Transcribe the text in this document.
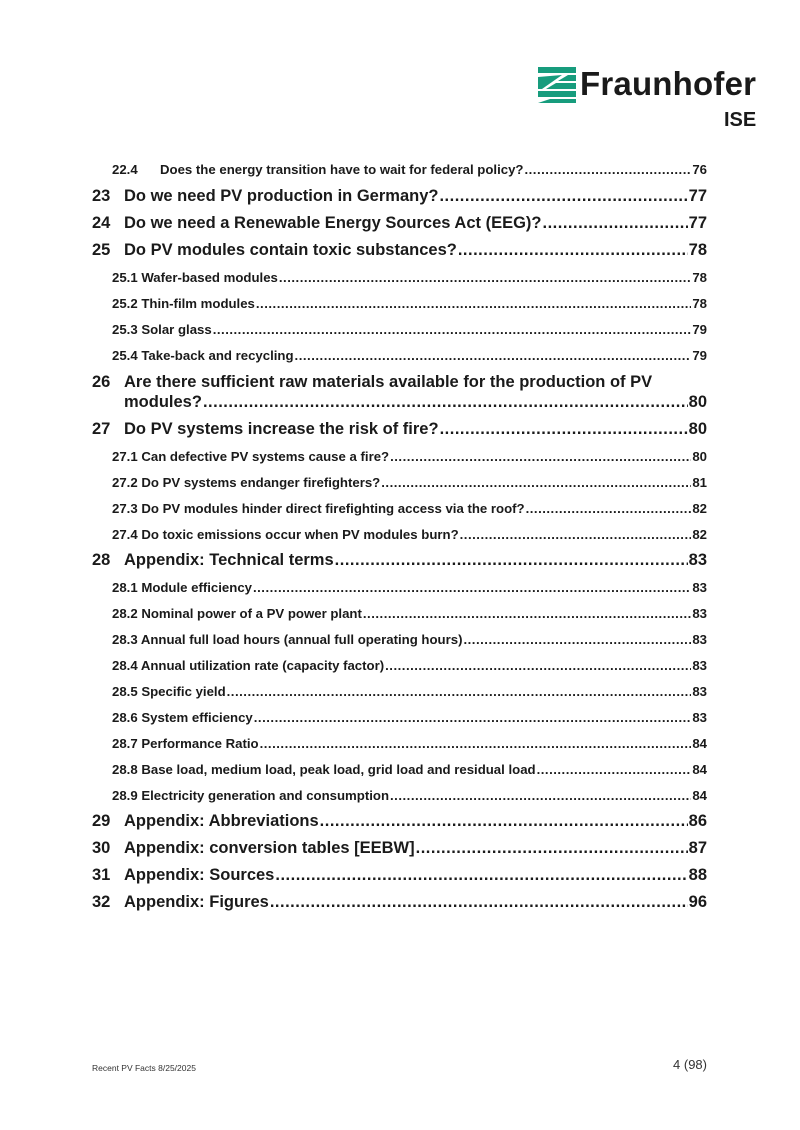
Fraunhofer
ISE
22.4	Does the energy transition have to wait for federal policy? .....	76
23 Do we need PV production in Germany? .....	77
24 Do we need a Renewable Energy Sources Act (EEG)? .....	77
25 Do PV modules contain toxic substances? .....	78
25.1 Wafer-based modules .....	78
25.2 Thin-film modules .....	78
25.3 Solar glass .....	79
25.4 Take-back and recycling .....	79
26 Are there sufficient raw materials available for the production of PV
modules? .....	80
27 Do PV systems increase the risk of fire? .....	80
27.1 Can defective PV systems cause a fire? .....	80
27.2 Do PV systems endanger firefighters? .....	81
27.3 Do PV modules hinder direct firefighting access via the roof? .....	82
27.4 Do toxic emissions occur when PV modules burn? .....	82
28 Appendix: Technical terms .....	83
28.1 Module efficiency .....	83
28.2 Nominal power of a PV power plant .....	83
28.3 Annual full load hours (annual full operating hours) .....	83
28.4 Annual utilization rate (capacity factor) .....	83
28.5 Specific yield .....	83
28.6 System efficiency .....	83
28.7 Performance Ratio .....	84
28.8 Base load, medium load, peak load, grid load and residual load .....	84
28.9 Electricity generation and consumption .....	84
29 Appendix: Abbreviations .....	86
30 Appendix: conversion tables [EEBW] .....	87
31 Appendix: Sources .....	88
32 Appendix: Figures .....	96
Recent PV Facts 8/25/2025	4 (98)
